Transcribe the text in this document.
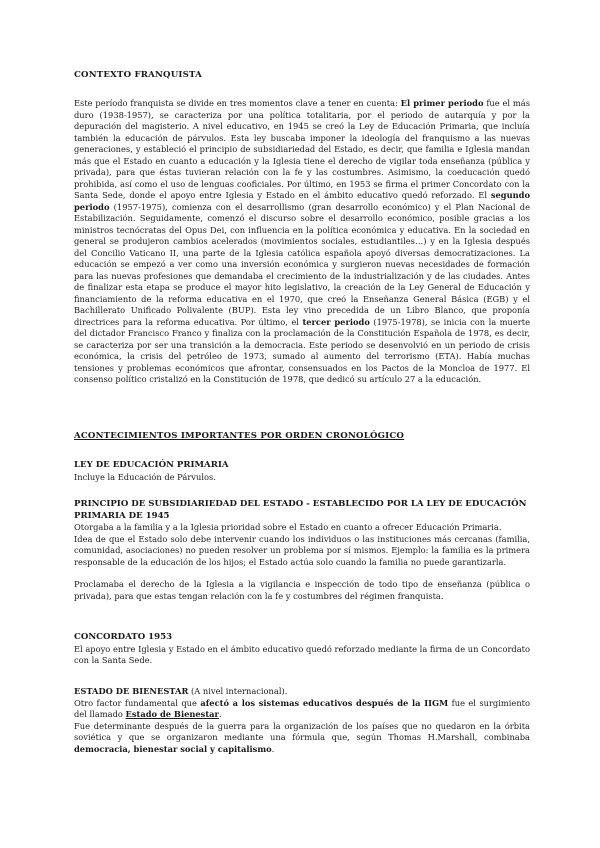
CONTEXTO FRANQUISTA

Este período franquista se divide en tres momentos clave a tener en cuenta: El primer periodo fue el más duro (1938-1957), se caracteriza por una política totalitaria, por el periodo de autarquía y por la depuración del magisterio. A nivel educativo, en 1945 se creó la Ley de Educación Primaria, que incluía también la educación de párvulos. Esta ley buscaba imponer la ideología del franquismo a las nuevas generaciones, y estableció el principio de subsidiariedad del Estado, es decir, que familia e Iglesia mandan más que el Estado en cuanto a educación y la Iglesia tiene el derecho de vigilar toda enseñanza (pública y privada), para que éstas tuvieran relación con la fe y las costumbres. Asimismo, la coeducación quedó prohibida, así como el uso de lenguas cooficiales. Por último, en 1953 se firma el primer Concordato con la Santa Sede, donde el apoyo entre Iglesia y Estado en el ámbito educativo quedó reforzado. El segundo periodo (1957-1975), comienza con el desarrollismo (gran desarrollo económico) y el Plan Nacional de Estabilización. Seguidamente, comenzó el discurso sobre el desarrollo económico, posible gracias a los ministros tecnócratas del Opus Dei, con influencia en la política económica y educativa. En la sociedad en general se produjeron cambios acelerados (movimientos sociales, estudiantiles…) y en la Iglesia después del Concilio Vaticano II, una parte de la Iglesia católica española apoyó diversas democratizaciones. La educación se empezó a ver como una inversión económica y surgieron nuevas necesidades de formación para las nuevas profesiones que demandaba el crecimiento de la industrialización y de las ciudades. Antes de finalizar esta etapa se produce el mayor hito legislativo, la creación de la Ley General de Educación y financiamiento de la reforma educativa en el 1970, que creó la Enseñanza General Básica (EGB) y el Bachillerato Unificado Polivalente (BUP). Esta ley vino precedida de un Libro Blanco, que proponía directrices para la reforma educativa. Por último, el tercer periodo (1975-1978), se inicia con la muerte del dictador Francisco Franco y finaliza con la proclamación de la Constitución Española de 1978, es decir, se caracteriza por ser una transición a la democracia. Este periodo se desenvolvió en un periodo de crisis económica, la crisis del petróleo de 1973, sumado al aumento del terrorismo (ETA). Había muchas tensiones y problemas económicos que afrontar, consensuados en los Pactos de la Moncloa de 1977. El consenso político cristalizó en la Constitución de 1978, que dedicó su artículo 27 a la educación.

ACONTECIMIENTOS IMPORTANTES POR ORDEN CRONOLÓGICO
LEY DE EDUCACIÓN PRIMARIA

Incluye la Educación de Párvulos.

PRINCIPIO DE SUBSIDIARIEDAD DEL ESTADO - ESTABLECIDO POR LA LEY DE EDUCACIÓN PRIMARIA DE 1945

Otorgaba a la familia y a la Iglesia prioridad sobre el Estado en cuanto a ofrecer Educación Primaria.

Idea de que el Estado solo debe intervenir cuando los individuos o las instituciones más cercanas (familia, comunidad, asociaciones) no pueden resolver un problema por sí mismos. Ejemplo: la familia es la primera responsable de la educación de los hijos; el Estado actúa solo cuando la familia no puede garantizarla.

Proclamaba el derecho de la Iglesia a la vigilancia e inspección de todo tipo de enseñanza (pública o privada), para que estas tengan relación con la fe y costumbres del régimen franquista.

CONCORDATO 1953

El apoyo entre Iglesia y Estado en el ámbito educativo quedó reforzado mediante la firma de un Concordato con la Santa Sede.

ESTADO DE BIENESTAR (A nivel internacional).

Otro factor fundamental que afectó a los sistemas educativos después de la IIGM fue el surgimiento del llamado Estado de Bienestar.

Fue determinante después de la guerra para la organización de los países que no quedaron en la órbita soviética y que se organizaron mediante una fórmula que, según Thomas H.Marshall, combinaba democracia, bienestar social y capitalismo.
